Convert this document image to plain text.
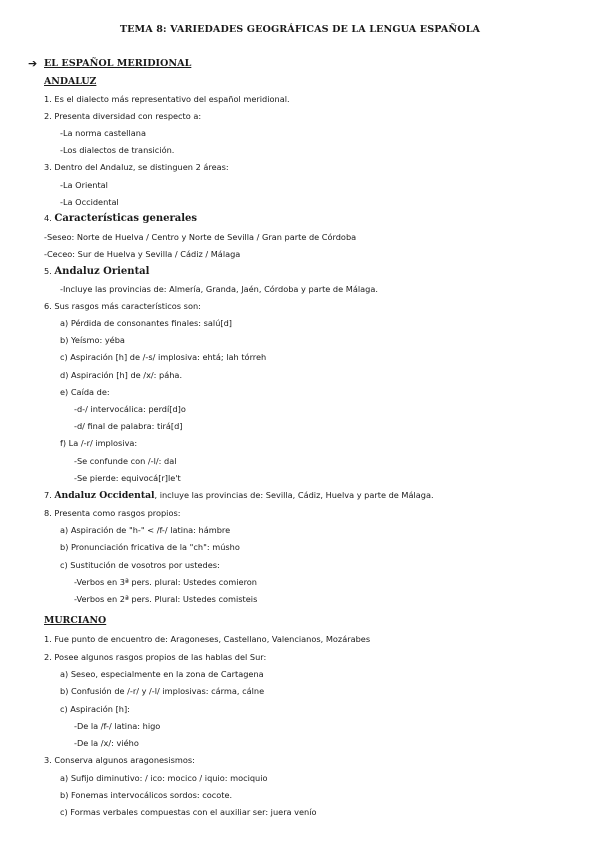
TEMA 8: VARIEDADES GEOGRÁFICAS DE LA LENGUA ESPAÑOLA
➔ EL ESPAÑOL MERIDIONAL
ANDALUZ
1. Es el dialecto más representativo del español meridional.
2. Presenta diversidad con respecto a:
-La norma castellana
-Los dialectos de transición.
3. Dentro del Andaluz, se distinguen 2 áreas:
-La Oriental
-La Occidental
4. Características generales
-Seseo: Norte de Huelva / Centro y Norte de Sevilla / Gran parte de Córdoba
-Ceceo: Sur de Huelva y Sevilla / Cádiz / Málaga
5. Andaluz Oriental
-Incluye las provincias de: Almería, Granda, Jaén, Córdoba y parte de Málaga.
6. Sus rasgos más característicos son:
a) Pérdida de consonantes finales: salú[d]
b) Yeísmo: yéba
c) Aspiración [h] de /-s/ implosiva: ehtá; lah tórreh
d) Aspiración [h] de /x/: páha.
e) Caída de:
-d-/ intervocálica: perdí[d]o
-d/ final de palabra: tirá[d]
f) La /-r/ implosiva:
-Se confunde con /-l/: dal
-Se pierde: equivocá[r]le't
7. Andaluz Occidental, incluye las provincias de: Sevilla, Cádiz, Huelva y parte de Málaga.
8. Presenta como rasgos propios:
a) Aspiración de "h-" < /f-/ latina: hámbre
b) Pronunciación fricativa de la "ch": músho
c) Sustitución de vosotros por ustedes:
-Verbos en 3ª pers. plural: Ustedes comieron
-Verbos en 2ª pers. Plural: Ustedes comisteis
MURCIANO
1. Fue punto de encuentro de: Aragoneses, Castellano, Valencianos, Mozárabes
2. Posee algunos rasgos propios de las hablas del Sur:
a) Seseo, especialmente en la zona de Cartagena
b) Confusión de /-r/ y /-l/ implosivas: cárma, cálne
c) Aspiración [h]:
-De la /f-/ latina: higo
-De la /x/: viého
3. Conserva algunos aragonesismos:
a) Sufijo diminutivo: / ico: mocico / iquio: mociquio
b) Fonemas intervocálicos sordos: cocote.
c) Formas verbales compuestas con el auxiliar ser: juera venío
